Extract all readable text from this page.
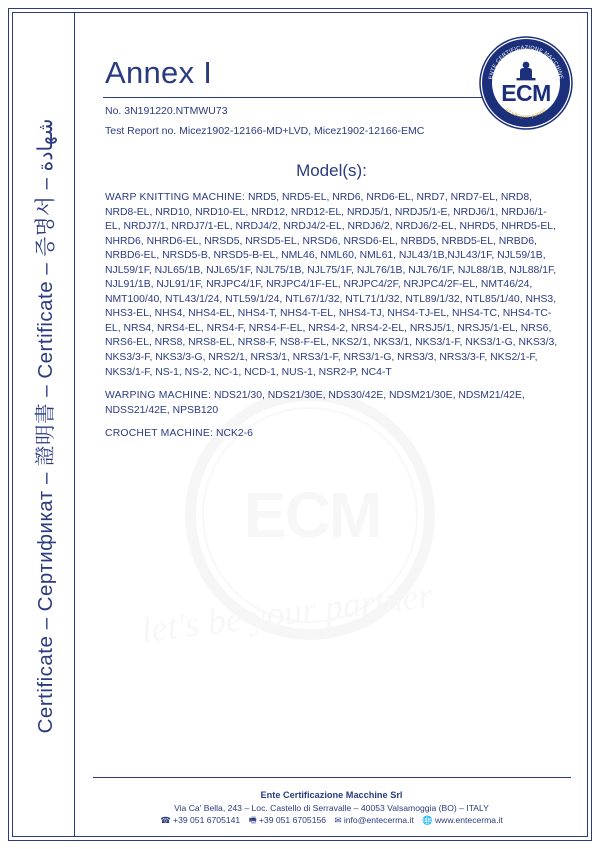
ECM
let's be your partner
Certificate – Сертификат – 證明書 – Certificate – 증명서 – شهادة
Annex I
No. 3N191220.NTMWU73
Test Report no. Micez1902-12166-MD+LVD, Micez1902-12166-EMC
ENTE CERTIFICAZIONE MACCHINE
let's be your partner
ECM
Model(s):

WARP KNITTING MACHINE: NRD5, NRD5-EL, NRD6, NRD6-EL, NRD7, NRD7-EL, NRD8, NRD8-EL, NRD10, NRD10-EL, NRD12, NRD12-EL, NRDJ5/1, NRDJ5/1-E, NRDJ6/1, NRDJ6/1-EL, NRDJ7/1, NRDJ7/1-EL, NRDJ4/2, NRDJ4/2-EL, NRDJ6/2, NRDJ6/2-EL, NHRD5, NHRD5-EL, NHRD6, NHRD6-EL, NRSD5, NRSD5-EL, NRSD6, NRSD6-EL, NRBD5, NRBD5-EL, NRBD6, NRBD6-EL, NRSD5-B, NRSD5-B-EL, NML46, NML60, NML61, NJL43/1B,NJL43/1F, NJL59/1B, NJL59/1F, NJL65/1B, NJL65/1F, NJL75/1B, NJL75/1F, NJL76/1B, NJL76/1F, NJL88/1B, NJL88/1F, NJL91/1B, NJL91/1F, NRJPC4/1F, NRJPC4/1F-EL, NRJPC4/2F, NRJPC4/2F-EL, NMT46/24, NMT100/40, NTL43/1/24, NTL59/1/24, NTL67/1/32, NTL71/1/32, NTL89/1/32, NTL85/1/40, NHS3, NHS3-EL, NHS4, NHS4-EL, NHS4-T, NHS4-T-EL, NHS4-TJ, NHS4-TJ-EL, NHS4-TC, NHS4-TC-EL, NRS4, NRS4-EL, NRS4-F, NRS4-F-EL, NRS4-2, NRS4-2-EL, NRSJ5/1, NRSJ5/1-EL, NRS6, NRS6-EL, NRS8, NRS8-EL, NRS8-F, NS8-F-EL, NKS2/1, NKS3/1, NKS3/1-F, NKS3/1-G, NKS3/3, NKS3/3-F, NKS3/3-G, NRS2/1, NRS3/1, NRS3/1-F, NRS3/1-G, NRS3/3, NRS3/3-F, NKS2/1-F, NKS3/1-F, NS-1, NS-2, NC-1, NCD-1, NUS-1, NSR2-P, NC4-T

WARPING MACHINE: NDS21/30, NDS21/30E, NDS30/42E, NDSM21/30E, NDSM21/42E, NDSS21/42E, NPSB120

CROCHET MACHINE: NCK2-6

Ente Certificazione Macchine Srl
Via Ca' Bella, 243 – Loc. Castello di Serravalle – 40053 Valsamoggia (BO) – ITALY
☎ +39 051 6705141 🖷 +39 051 6705156 ✉ info@entecerma.it 🌐 www.entecerma.it
